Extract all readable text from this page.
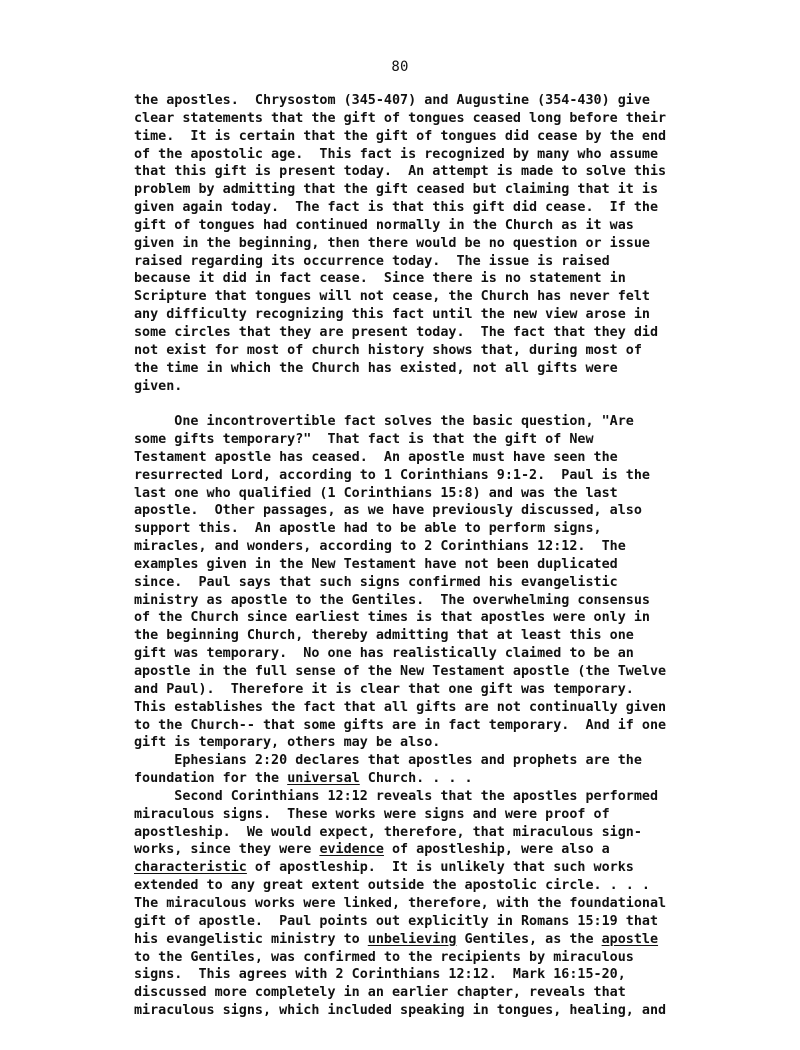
80
the apostles.  Chrysostom (345-407) and Augustine (354-430) give
clear statements that the gift of tongues ceased long before their
time.  It is certain that the gift of tongues did cease by the end
of the apostolic age.  This fact is recognized by many who assume
that this gift is present today.  An attempt is made to solve this
problem by admitting that the gift ceased but claiming that it is
given again today.  The fact is that this gift did cease.  If the
gift of tongues had continued normally in the Church as it was
given in the beginning, then there would be no question or issue
raised regarding its occurrence today.  The issue is raised
because it did in fact cease.  Since there is no statement in
Scripture that tongues will not cease, the Church has never felt
any difficulty recognizing this fact until the new view arose in
some circles that they are present today.  The fact that they did
not exist for most of church history shows that, during most of
the time in which the Church has existed, not all gifts were
given.
One incontrovertible fact solves the basic question, "Are
some gifts temporary?"  That fact is that the gift of New
Testament apostle has ceased.  An apostle must have seen the
resurrected Lord, according to 1 Corinthians 9:1-2.  Paul is the
last one who qualified (1 Corinthians 15:8) and was the last
apostle.  Other passages, as we have previously discussed, also
support this.  An apostle had to be able to perform signs,
miracles, and wonders, according to 2 Corinthians 12:12.  The
examples given in the New Testament have not been duplicated
since.  Paul says that such signs confirmed his evangelistic
ministry as apostle to the Gentiles.  The overwhelming consensus
of the Church since earliest times is that apostles were only in
the beginning Church, thereby admitting that at least this one
gift was temporary.  No one has realistically claimed to be an
apostle in the full sense of the New Testament apostle (the Twelve
and Paul).  Therefore it is clear that one gift was temporary.
This establishes the fact that all gifts are not continually given
to the Church-- that some gifts are in fact temporary.  And if one
gift is temporary, others may be also.
Ephesians 2:20 declares that apostles and prophets are the
foundation for the universal Church. . . .
Second Corinthians 12:12 reveals that the apostles performed
miraculous signs.  These works were signs and were proof of
apostleship.  We would expect, therefore, that miraculous sign-
works, since they were evidence of apostleship, were also a
characteristic of apostleship.  It is unlikely that such works
extended to any great extent outside the apostolic circle. . . .
The miraculous works were linked, therefore, with the foundational
gift of apostle.  Paul points out explicitly in Romans 15:19 that
his evangelistic ministry to unbelieving Gentiles, as the apostle
to the Gentiles, was confirmed to the recipients by miraculous
signs.  This agrees with 2 Corinthians 12:12.  Mark 16:15-20,
discussed more completely in an earlier chapter, reveals that
miraculous signs, which included speaking in tongues, healing, and
